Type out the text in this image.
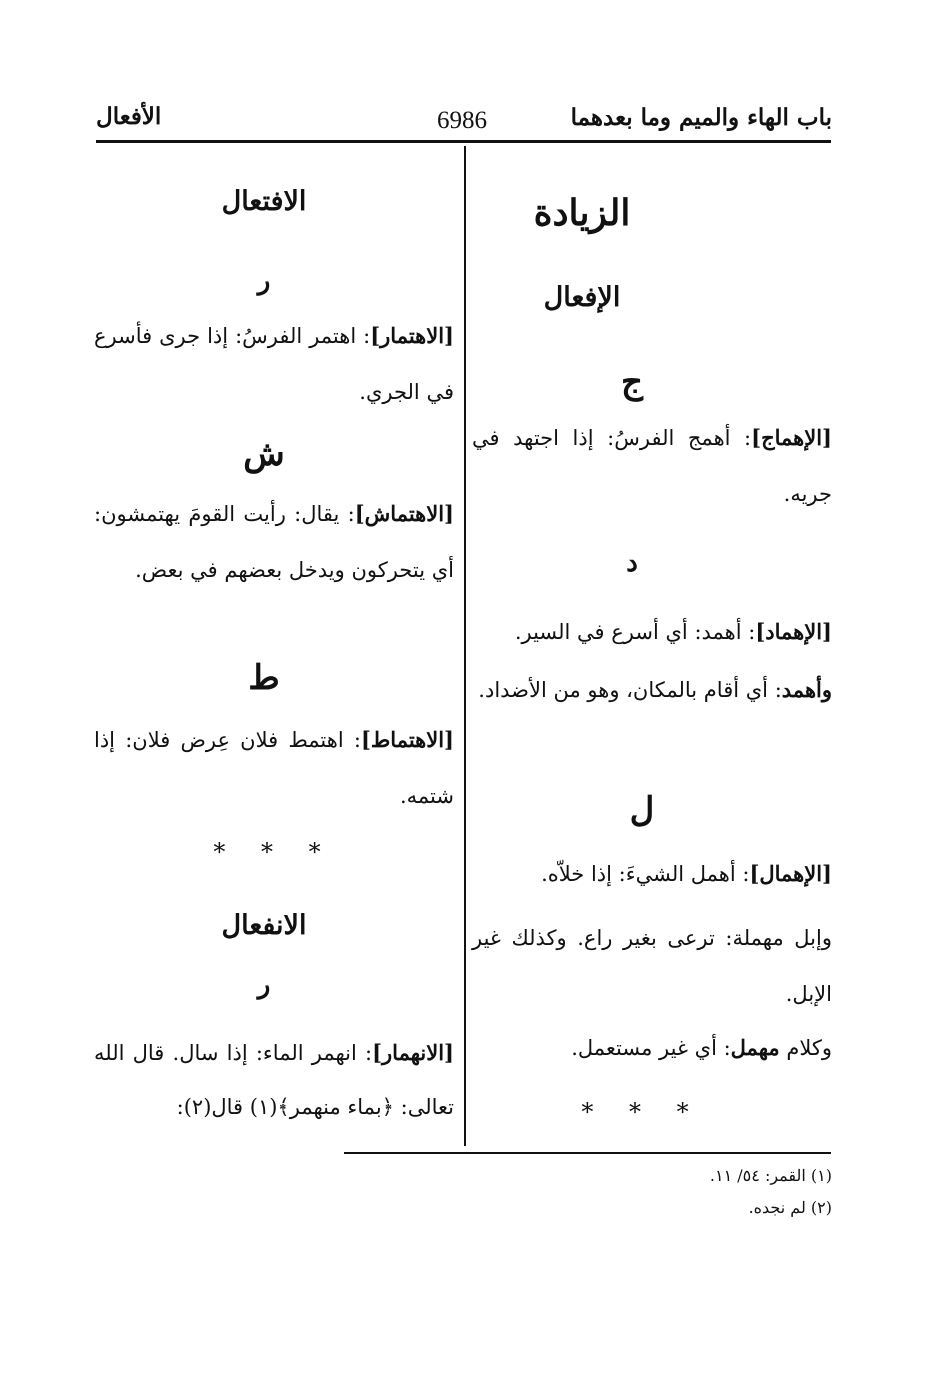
باب الهاء والميم وما بعدهما
6986
الأفعال
الزيادة
الإفعال
ج
[الإهماج]: أهمج الفرسُ: إذا اجتهد في جريه.
د
[الإهماد]: أهمد: أي أسرع في السير.
وأهمد: أي أقام بالمكان، وهو من الأضداد.
ل
[الإهمال]: أهمل الشيءَ: إذا خلاّه.
وإبل مهملة: ترعى بغير راع. وكذلك غير الإبل.
وكلام مهمل: أي غير مستعمل.
* * *
الافتعال
ر
[الاهتمار]: اهتمر الفرسُ: إذا جرى فأسرع في الجري.
ش
[الاهتماش]: يقال: رأيت القومَ يهتمشون: أي يتحركون ويدخل بعضهم في بعض.
ط
[الاهتماط]: اهتمط فلان عِرض فلان: إذا شتمه.
* * *
الانفعال
ر
[الانهمار]: انهمر الماء: إذا سال. قال الله تعالى: ﴿بماء منهمر﴾(١) قال(٢):
(١) القمر: ٥٤/ ١١.
(٢) لم نجده.
